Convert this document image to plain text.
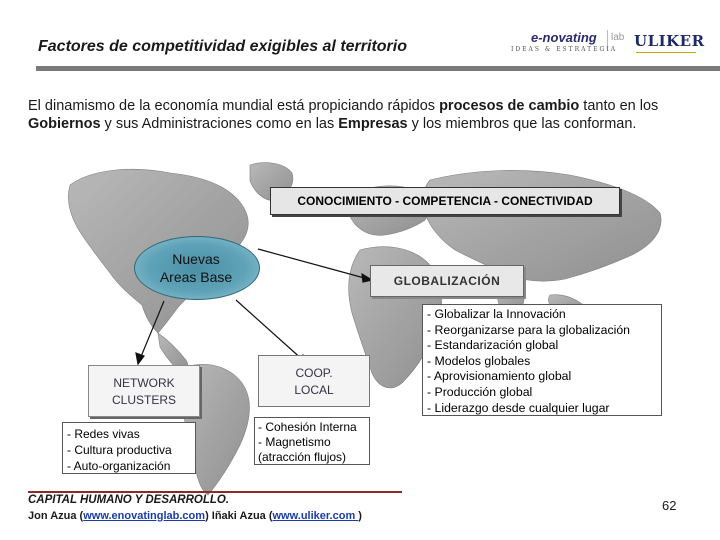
Factores de competitividad exigibles al territorio
e-novating lab
IDEAS & ESTRATEGIA ULIKER
El dinamismo de la economía mundial está propiciando rápidos procesos de cambio tanto en los Gobiernos y sus Administraciones como en las Empresas y los miembros que las conforman.
CONOCIMIENTO - COMPETENCIA - CONECTIVIDAD
Nuevas
Areas Base	GLOBALIZACIÓN
NETWORK
CLUSTERS
- Redes vivas
- Cultura productiva
- Auto-organización
COOP.
LOCAL
- Cohesión Interna
- Magnetismo
(atracción flujos)
- Globalizar la Innovación
- Reorganizarse para la globalización
- Estandarización global
- Modelos globales
- Aprovisionamiento global
- Producción global
- Liderazgo desde cualquier lugar
CAPITAL HUMANO Y DESARROLLO.
Jon Azua (www.enovatinglab.com) Iñaki Azua (www.uliker.com )
62
